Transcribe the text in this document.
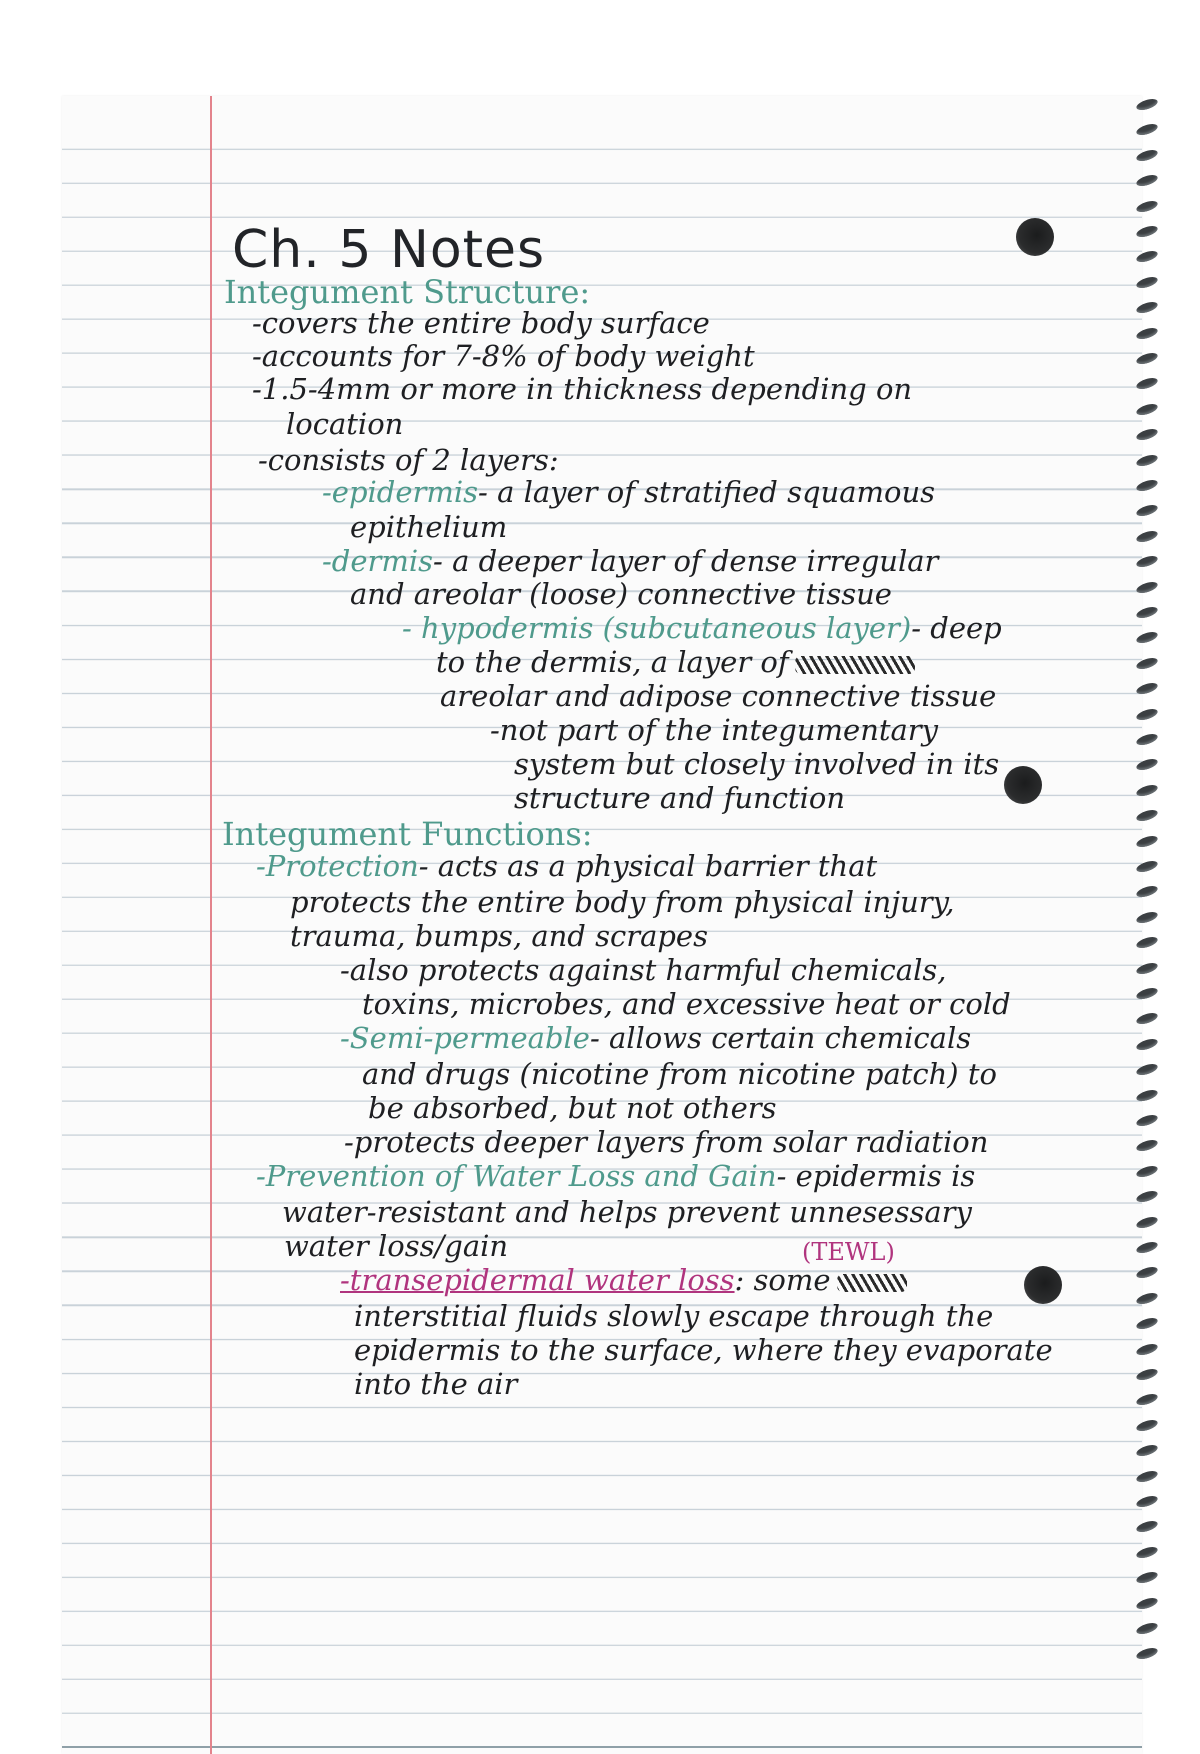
Ch. 5 Notes
Integument Structure:
-covers the entire body surface
-accounts for 7-8% of body weight
-1.5-4mm or more in thickness depending on
location
-consists of 2 layers:
-epidermis- a layer of stratified squamous
epithelium
-dermis- a deeper layer of dense irregular
and areolar (loose) connective tissue
- hypodermis (subcutaneous layer)- deep
to the dermis, a layer of
areolar and adipose connective tissue
-not part of the integumentary
system but closely involved in its
structure and function
Integument Functions:
-Protection- acts as a physical barrier that
protects the entire body from physical injury,
trauma, bumps, and scrapes
-also protects against harmful chemicals,
toxins, microbes, and excessive heat or cold
-Semi-permeable- allows certain chemicals
and drugs (nicotine from nicotine patch) to
be absorbed, but not others
-protects deeper layers from solar radiation
-Prevention of Water Loss and Gain- epidermis is
water-resistant and helps prevent unnesessary
water loss/gain	(TEWL)
-transepidermal water loss: some
interstitial fluids slowly escape through the
epidermis to the surface, where they evaporate
into the air
